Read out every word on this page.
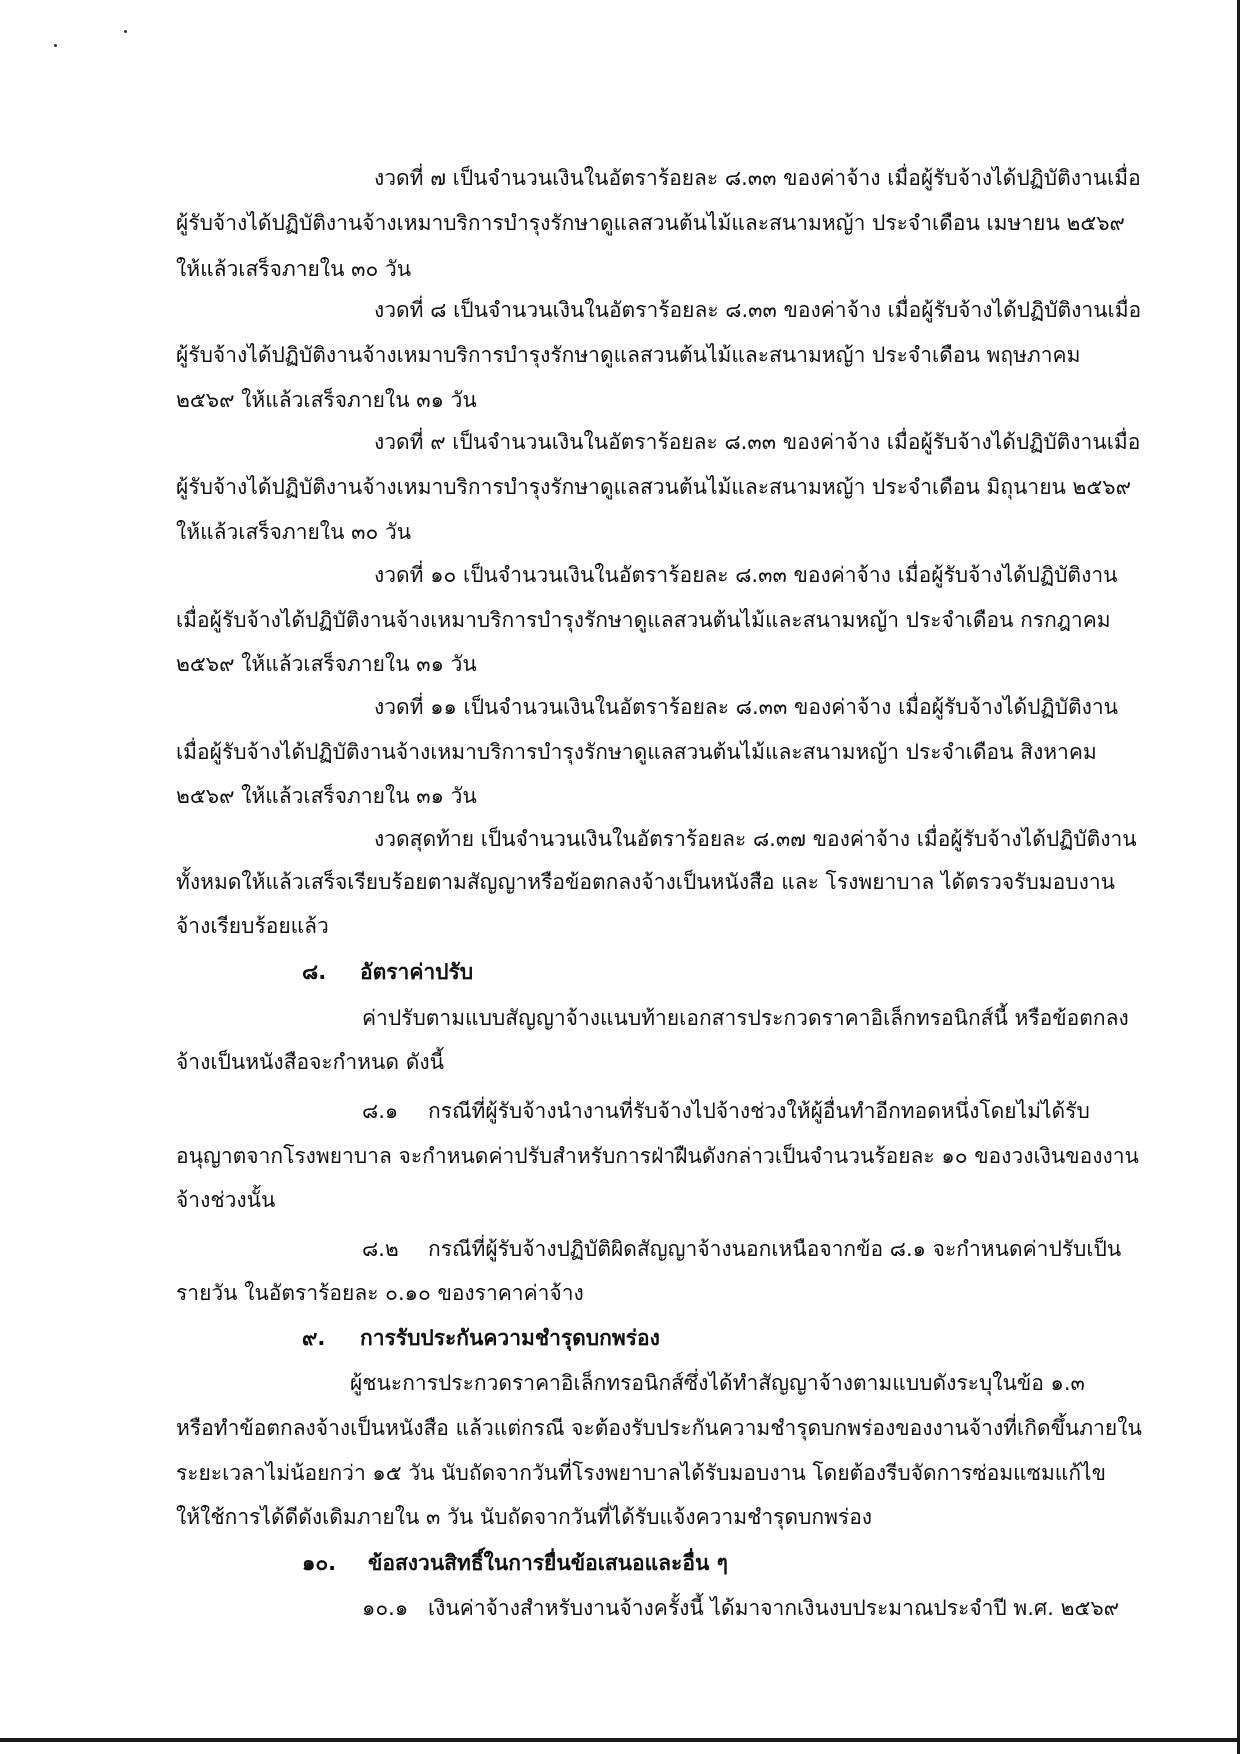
งวดที่ ๗ เป็นจำนวนเงินในอัตราร้อยละ ๘.๓๓ ของค่าจ้าง เมื่อผู้รับจ้างได้ปฏิบัติงานเมื่อ
ผู้รับจ้างได้ปฏิบัติงานจ้างเหมาบริการบำรุงรักษาดูแลสวนต้นไม้และสนามหญ้า ประจำเดือน เมษายน ๒๕๖๙
ให้แล้วเสร็จภายใน ๓๐ วัน
งวดที่ ๘ เป็นจำนวนเงินในอัตราร้อยละ ๘.๓๓ ของค่าจ้าง เมื่อผู้รับจ้างได้ปฏิบัติงานเมื่อ
ผู้รับจ้างได้ปฏิบัติงานจ้างเหมาบริการบำรุงรักษาดูแลสวนต้นไม้และสนามหญ้า ประจำเดือน พฤษภาคม
๒๕๖๙ ให้แล้วเสร็จภายใน ๓๑ วัน
งวดที่ ๙ เป็นจำนวนเงินในอัตราร้อยละ ๘.๓๓ ของค่าจ้าง เมื่อผู้รับจ้างได้ปฏิบัติงานเมื่อ
ผู้รับจ้างได้ปฏิบัติงานจ้างเหมาบริการบำรุงรักษาดูแลสวนต้นไม้และสนามหญ้า ประจำเดือน มิถุนายน ๒๕๖๙
ให้แล้วเสร็จภายใน ๓๐ วัน
งวดที่ ๑๐ เป็นจำนวนเงินในอัตราร้อยละ ๘.๓๓ ของค่าจ้าง เมื่อผู้รับจ้างได้ปฏิบัติงาน
เมื่อผู้รับจ้างได้ปฏิบัติงานจ้างเหมาบริการบำรุงรักษาดูแลสวนต้นไม้และสนามหญ้า ประจำเดือน กรกฎาคม
๒๕๖๙ ให้แล้วเสร็จภายใน ๓๑ วัน
งวดที่ ๑๑ เป็นจำนวนเงินในอัตราร้อยละ ๘.๓๓ ของค่าจ้าง เมื่อผู้รับจ้างได้ปฏิบัติงาน
เมื่อผู้รับจ้างได้ปฏิบัติงานจ้างเหมาบริการบำรุงรักษาดูแลสวนต้นไม้และสนามหญ้า ประจำเดือน สิงหาคม
๒๕๖๙ ให้แล้วเสร็จภายใน ๓๑ วัน
งวดสุดท้าย เป็นจำนวนเงินในอัตราร้อยละ ๘.๓๗ ของค่าจ้าง เมื่อผู้รับจ้างได้ปฏิบัติงาน
ทั้งหมดให้แล้วเสร็จเรียบร้อยตามสัญญาหรือข้อตกลงจ้างเป็นหนังสือ และ โรงพยาบาล ได้ตรวจรับมอบงาน
จ้างเรียบร้อยแล้ว
๘. อัตราค่าปรับ
ค่าปรับตามแบบสัญญาจ้างแนบท้ายเอกสารประกวดราคาอิเล็กทรอนิกส์นี้ หรือข้อตกลง
จ้างเป็นหนังสือจะกำหนด ดังนี้
๘.๑ กรณีที่ผู้รับจ้างนำงานที่รับจ้างไปจ้างช่วงให้ผู้อื่นทำอีกทอดหนึ่งโดยไม่ได้รับ
อนุญาตจากโรงพยาบาล จะกำหนดค่าปรับสำหรับการฝ่าฝืนดังกล่าวเป็นจำนวนร้อยละ ๑๐ ของวงเงินของงาน
จ้างช่วงนั้น
๘.๒ กรณีที่ผู้รับจ้างปฏิบัติผิดสัญญาจ้างนอกเหนือจากข้อ ๘.๑ จะกำหนดค่าปรับเป็น
รายวัน ในอัตราร้อยละ ๐.๑๐ ของราคาค่าจ้าง
๙. การรับประกันความชำรุดบกพร่อง
ผู้ชนะการประกวดราคาอิเล็กทรอนิกส์ซึ่งได้ทำสัญญาจ้างตามแบบดังระบุในข้อ ๑.๓
หรือทำข้อตกลงจ้างเป็นหนังสือ แล้วแต่กรณี จะต้องรับประกันความชำรุดบกพร่องของงานจ้างที่เกิดขึ้นภายใน
ระยะเวลาไม่น้อยกว่า ๑๕ วัน นับถัดจากวันที่โรงพยาบาลได้รับมอบงาน โดยต้องรีบจัดการซ่อมแซมแก้ไข
ให้ใช้การได้ดีดังเดิมภายใน ๓ วัน นับถัดจากวันที่ได้รับแจ้งความชำรุดบกพร่อง
๑๐. ข้อสงวนสิทธิ์ในการยื่นข้อเสนอและอื่น ๆ
๑๐.๑ เงินค่าจ้างสำหรับงานจ้างครั้งนี้ ได้มาจากเงินงบประมาณประจำปี พ.ศ. ๒๕๖๙
